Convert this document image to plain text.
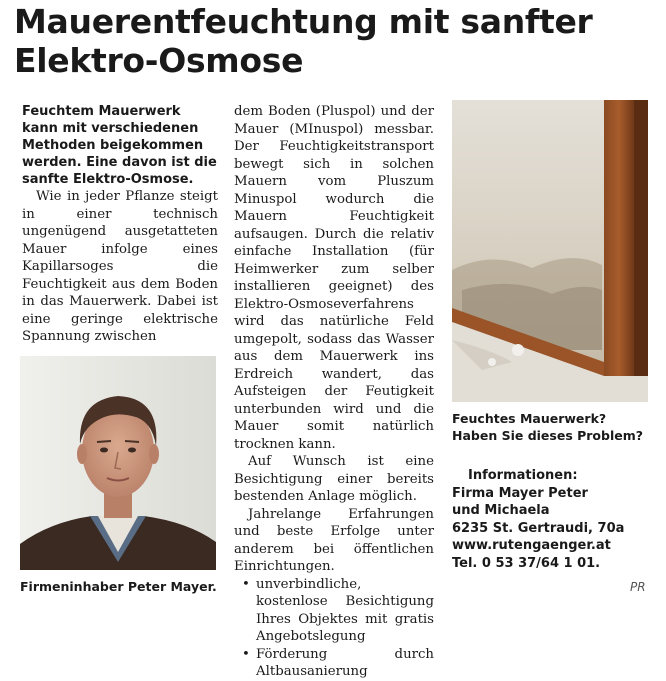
Mauerentfeuchtung mit sanfter Elektro-Osmose

Feuchtem Mauerwerk kann mit verschiedenen Methoden beigekommen werden. Eine davon ist die sanfte Elektro-Osmose.

Wie in jeder Pflanze steigt in einer technisch ungenügend ausgetatteten Mauer infolge eines Kapillarsoges die Feuchtigkeit aus dem Boden in das Mauerwerk. Dabei ist eine geringe elektrische Spannung zwischen

dem Boden (Pluspol) und der Mauer (MInuspol) messbar. Der Feuchtigkeitstransport bewegt sich in solchen Mauern vom Pluszum Minuspol wodurch die Mauern Feuchtigkeit aufsaugen. Durch die relativ einfache Installation (für Heimwerker zum selber installieren geeignet) des Elektro-Osmoseverfahrens wird das natürliche Feld umgepolt, sodass das Wasser aus dem Mauerwerk ins Erdreich wandert, das Aufsteigen der Feutigkeit unterbunden wird und die Mauer somit natürlich trocknen kann.

Auf Wunsch ist eine Besichtigung einer bereits bestenden Anlage möglich.

Jahrelange Erfahrungen und beste Erfolge unter anderem bei öffentlichen Einrichtungen.

• unverbindliche, kostenlose Besichtigung Ihres Objektes mit gratis Angebotslegung
• Förderung durch Altbausanierung
Firmeninhaber Peter Mayer.
Feuchtes Mauerwerk? Haben Sie dieses Problem?
Informationen:
Firma Mayer Peter
und Michaela
6235 St. Gertraudi, 70a
www.rutengaenger.at
Tel. 0 53 37/64 1 01.
PR
